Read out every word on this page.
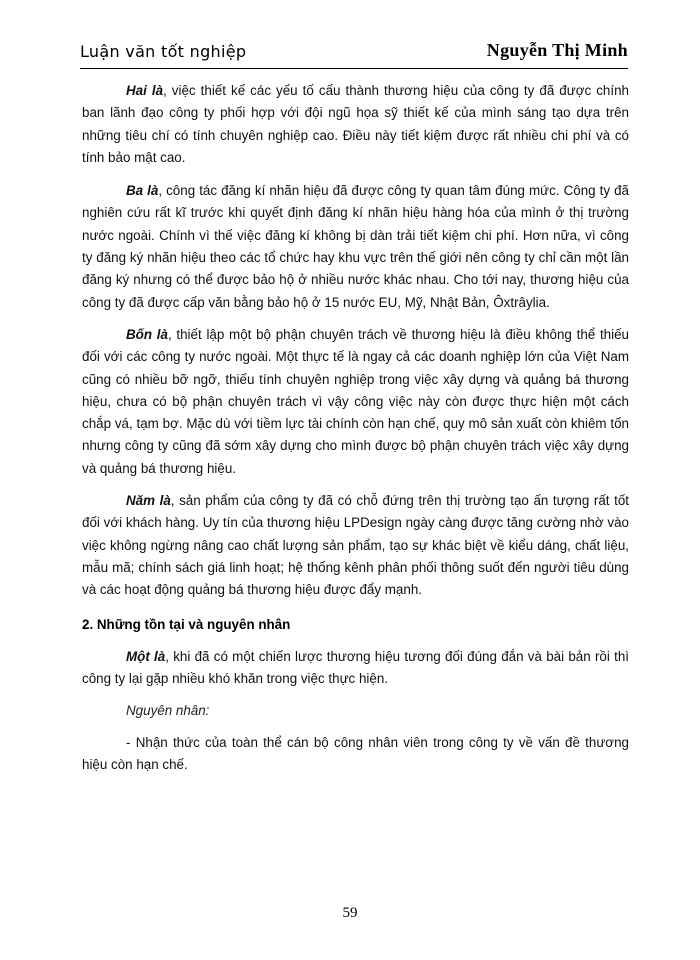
Luận văn tốt nghiệp	Nguyễn Thị Minh

Hai là, việc thiết kế các yếu tố cấu thành thương hiệu của công ty đã được chính ban lãnh đạo công ty phối hợp với đội ngũ họa sỹ thiết kế của mình sáng tạo dựa trên những tiêu chí có tính chuyên nghiệp cao. Điều này tiết kiệm được rất nhiều chi phí và có tính bảo mật cao.

Ba là, công tác đăng kí nhãn hiệu đã được công ty quan tâm đúng mức. Công ty đã nghiên cứu rất kĩ trước khi quyết định đăng kí nhãn hiệu hàng hóa của mình ở thị trường nước ngoài. Chính vì thế việc đăng kí không bị dàn trải tiết kiệm chi phí. Hơn nữa, vì công ty đăng ký nhãn hiệu theo các tổ chức hay khu vực trên thế giới nên công ty chỉ cần một lần đăng ký nhưng có thể được bảo hộ ở nhiều nước khác nhau. Cho tới nay, thương hiệu của công ty đã được cấp văn bằng bảo hộ ở 15 nước EU, Mỹ, Nhật Bản, Ôxtrâylia.

Bốn là, thiết lập một bộ phận chuyên trách về thương hiệu là điều không thể thiếu đối với các công ty nước ngoài. Một thực tế là ngay cả các doanh nghiệp lớn của Việt Nam cũng có nhiều bỡ ngỡ, thiếu tính chuyên nghiệp trong việc xây dựng và quảng bá thương hiệu, chưa có bộ phận chuyên trách vì vậy công việc này còn được thực hiện một cách chắp vá, tạm bợ. Mặc dù với tiềm lực tài chính còn hạn chế, quy mô sản xuất còn khiêm tốn nhưng công ty cũng đã sớm xây dựng cho mình được bộ phận chuyên trách việc xây dựng và quảng bá thương hiệu.

Năm là, sản phẩm của công ty đã có chỗ đứng trên thị trường tạo ấn tượng rất tốt đối với khách hàng. Uy tín của thương hiệu LPDesign ngày càng được tăng cường nhờ vào việc không ngừng nâng cao chất lượng sản phẩm, tạo sự khác biệt về kiểu dáng, chất liệu, mẫu mã; chính sách giá linh hoạt; hệ thống kênh phân phối thông suốt đến người tiêu dùng và các hoạt động quảng bá thương hiệu được đẩy mạnh.

2. Những tồn tại và nguyên nhân

Một là, khi đã có một chiến lược thương hiệu tương đối đúng đắn và bài bản rồi thì công ty lại gặp nhiều khó khăn trong việc thực hiện.

Nguyên nhân:

- Nhận thức của toàn thể cán bộ công nhân viên trong công ty về vấn đề thương hiệu còn hạn chế.

59
